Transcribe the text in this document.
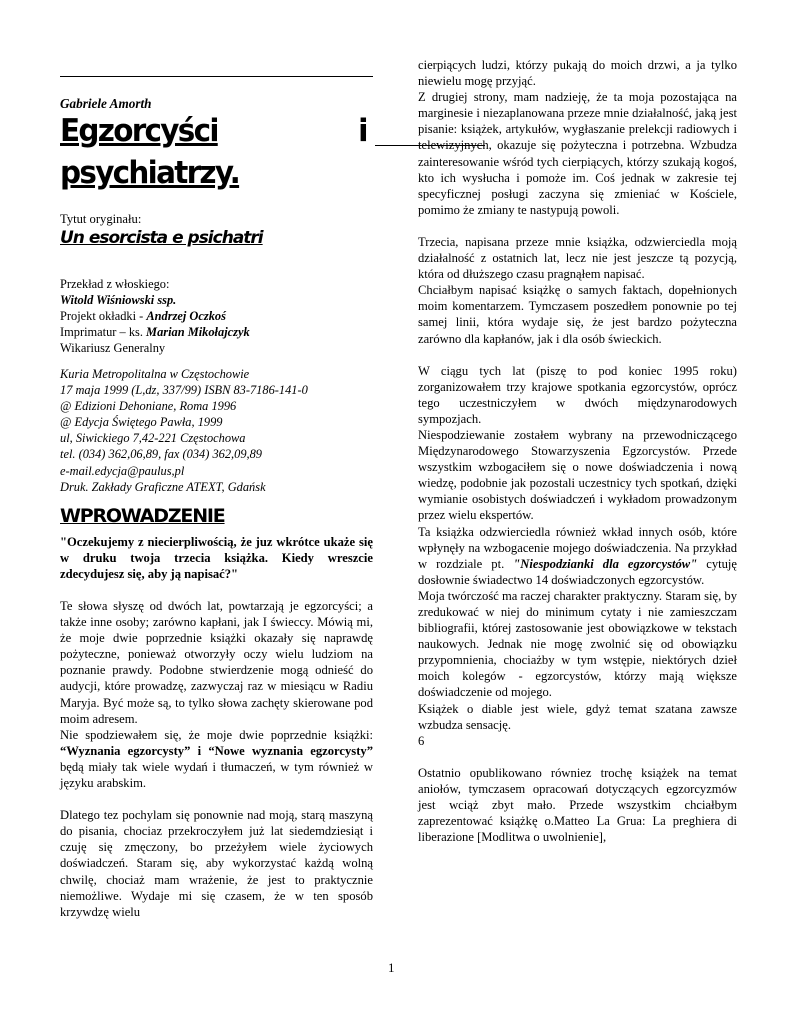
Gabriele Amorth

Egzorcyści	i

psychiatrzy.

Tytut oryginału:

Un esorcista e psichatri

Przekład z włoskiego:
Witold Wiśniowski ssp.
Projekt okładki - Andrzej Oczkoś
Imprimatur – ks. Marian Mikołajczyk
Wikariusz Generalny
Kuria Metropolitalna w Częstochowie
17 maja 1999 (L,dz, 337/99) ISBN 83-7186-141-0
@ Edizioni Dehoniane, Roma 1996
@ Edycja Świętego Pawła, 1999
ul, Siwickiego 7,42-221 Częstochowa
tel. (034) 362,06,89, fax (034) 362,09,89
e-mail.edycja@paulus,pl
Druk. Zakłady Graficzne ATEXT, Gdańsk

WPROWADZENIE

"Oczekujemy z niecierpliwością, że juz wkrótce ukaże się w druku twoja trzecia książka. Kiedy wreszcie zdecydujesz się, aby ją napisać?"

Te słowa słyszę od dwóch lat, powtarzają je egzorcyści; a także inne osoby; zarówno kapłani, jak I świeccy. Mówią mi, że moje dwie poprzednie książki okazały się naprawdę pożyteczne, ponieważ otworzyły oczy wielu ludziom na poznanie prawdy. Podobne stwierdzenie mogą odnieść do audycji, które prowadzę, zazwyczaj raz w miesiącu w Radiu Maryja. Być może są, to tylko słowa zachęty skierowane pod moim adresem.

Nie spodziewałem się, że moje dwie poprzednie książki: “Wyznania egzorcysty” i “Nowe wyznania egzorcysty” będą miały tak wiele wydań i tłumaczeń, w tym również w języku arabskim.

Dlatego tez pochylam się ponownie nad moją, starą maszyną do pisania, chociaz przekroczyłem już lat siedemdziesiąt i czuję się zmęczony, bo przeżyłem wiele życiowych doświadczeń. Staram się, aby wykorzystać każdą wolną chwilę, chociaż mam wrażenie, że jest to praktycznie niemożliwe. Wydaje mi się czasem, że w ten sposób krzywdzę wielu

cierpiących ludzi, którzy pukają do moich drzwi, a ja tylko niewielu mogę przyjąć.

Z drugiej strony, mam nadzieję, że ta moja pozostająca na marginesie i niezaplanowana przeze mnie działalność, jaką jest pisanie: książek, artykułów, wygłaszanie prelekcji radiowych i telewizyjnych, okazuje się pożyteczna i potrzebna. Wzbudza zainteresowanie wśród tych cierpiących, którzy szukają kogoś, kto ich wysłucha i pomoże im. Coś jednak w zakresie tej specyficznej posługi zaczyna się zmieniać w Kościele, pomimo że zmiany te nastypują powoli.

Trzecia, napisana przeze mnie książka, odzwierciedla moją działalność z ostatnich lat, lecz nie jest jeszcze tą pozycją, która od dłuższego czasu pragnąłem napisać.

Chciałbym napisać książkę o samych faktach, dopełnionych moim komentarzem. Tymczasem poszedłem ponownie po tej samej linii, która wydaje się, że jest bardzo pożyteczna zarówno dla kapłanów, jak i dla osób świeckich.

W ciągu tych lat (piszę to pod koniec 1995 roku) zorganizowałem trzy krajowe spotkania egzorcystów, oprócz tego uczestniczyłem w dwóch międzynarodowych sympozjach.

Niespodziewanie zostałem wybrany na przewodniczącego Międzynarodowego Stowarzyszenia Egzorcystów. Przede wszystkim wzbogaciłem się o nowe doświadczenia i nową wiedzę, podobnie jak pozostali uczestnicy tych spotkań, dzięki wymianie osobistych doświadczeń i wykładom prowadzonym przez wielu ekspertów.

Ta książka odzwierciedla również wkład innych osób, które wpłynęły na wzbogacenie mojego doświadczenia. Na przykład w rozdziale pt. "Niespodzianki dla egzorcystów" cytuję dosłownie świadectwo 14 doświadczonych egzorcystów.

Moja twórczość ma raczej charakter praktyczny. Staram się, by zredukować w niej do minimum cytaty i nie zamieszczam bibliografii, której zastosowanie jest obowiązkowe w tekstach naukowych. Jednak nie mogę zwolnić się od obowiązku przypomnienia, chociażby w tym wstępie, niektórych dzieł moich kolegów - egzorcystów, którzy mają większe doświadczenie od mojego.

Książek o diable jest wiele, gdyż temat szatana zawsze wzbudza sensację.

6

Ostatnio opublikowano równiez trochę książek na temat aniołów, tymczasem opracowań dotyczących egzorcyzmów jest wciąż zbyt mało. Przede wszystkim chciałbym zaprezentować książkę o.Matteo La Grua: La preghiera di liberazione [Modlitwa o uwolnienie],

1
